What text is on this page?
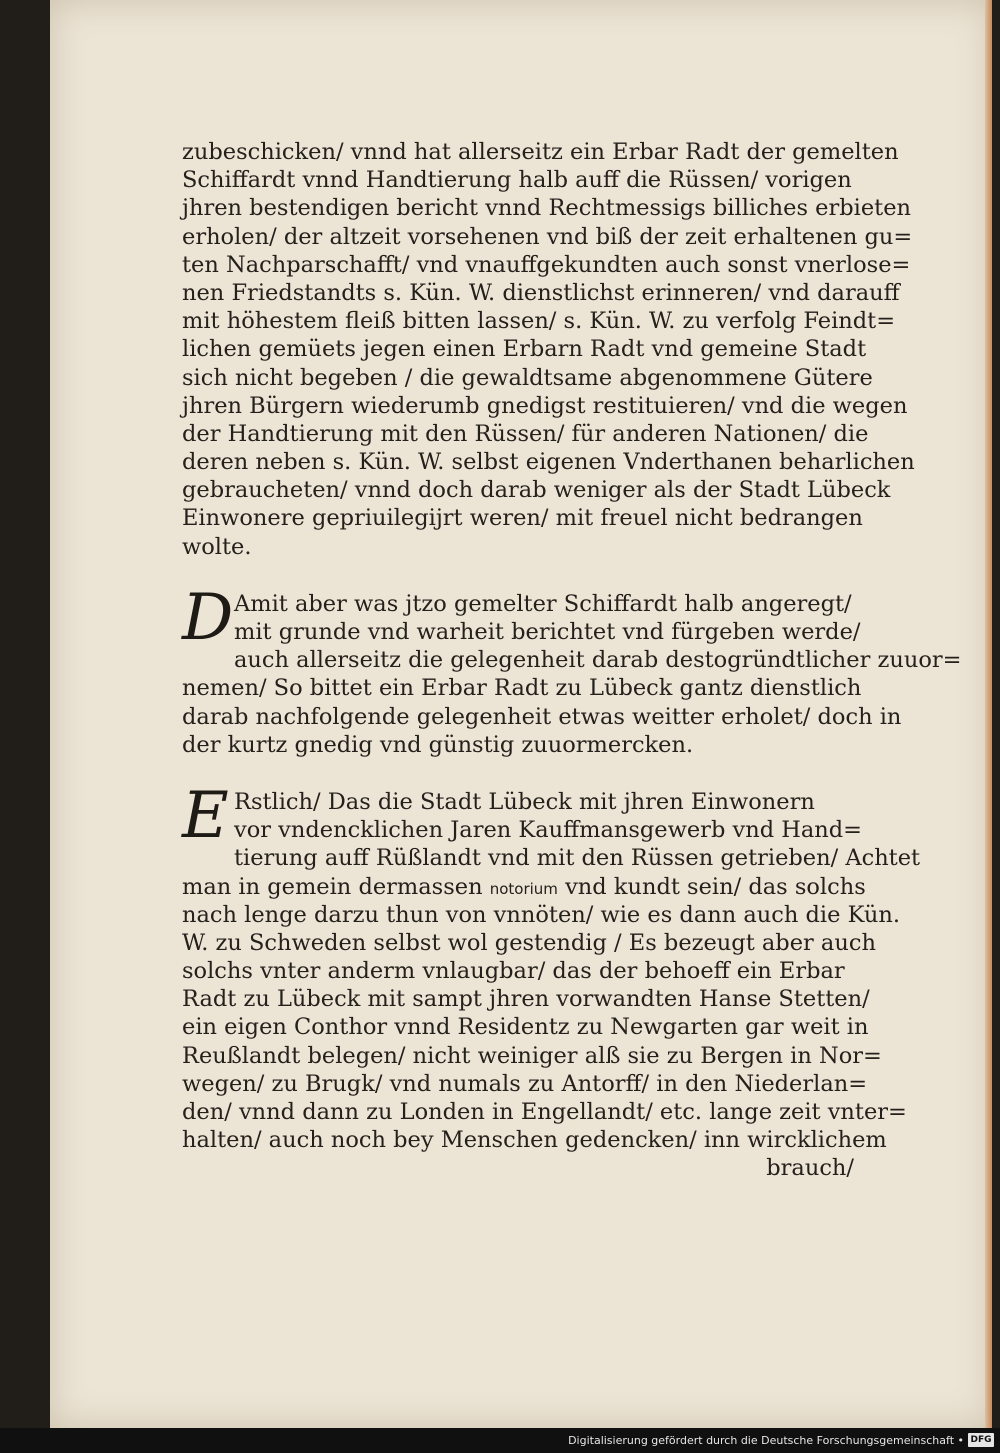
zubeschicken/ vnnd hat allerseitz ein Erbar Radt der gemelten
Schiffardt vnnd Handtierung halb auff die Rüssen/ vorigen
jhren bestendigen bericht vnnd Rechtmessigs billiches erbieten
erholen/ der altzeit vorsehenen vnd biß der zeit erhaltenen gu=
ten Nachparschafft/ vnd vnauffgekundten auch sonst vnerlose=
nen Friedstandts s. Kün. W. dienstlichst erinneren/ vnd darauff
mit höhestem fleiß bitten lassen/ s. Kün. W. zu verfolg Feindt=
lichen gemüets jegen einen Erbarn Radt vnd gemeine Stadt
sich nicht begeben / die gewaldtsame abgenommene Gütere
jhren Bürgern wiederumb gnedigst restituieren/ vnd die wegen
der Handtierung mit den Rüssen/ für anderen Nationen/ die
deren neben s. Kün. W. selbst eigenen Vnderthanen beharlichen
gebraucheten/ vnnd doch darab weniger als der Stadt Lübeck
Einwonere gepriuilegijrt weren/ mit freuel nicht bedrangen
wolte.
D Amit aber was jtzo gemelter Schiffardt halb angeregt/
mit grunde vnd warheit berichtet vnd fürgeben werde/
auch allerseitz die gelegenheit darab destogründtlicher zuuor=
nemen/ So bittet ein Erbar Radt zu Lübeck gantz dienstlich
darab nachfolgende gelegenheit etwas weitter erholet/ doch in
der kurtz gnedig vnd günstig zuuormercken.
E Rstlich/ Das die Stadt Lübeck mit jhren Einwonern
vor vndencklichen Jaren Kauffmansgewerb vnd Hand=
tierung auff Rüßlandt vnd mit den Rüssen getrieben/ Achtet
man in gemein dermassen notorium vnd kundt sein/ das solchs
nach lenge darzu thun von vnnöten/ wie es dann auch die Kün.
W. zu Schweden selbst wol gestendig / Es bezeugt aber auch
solchs vnter anderm vnlaugbar/ das der behoeff ein Erbar
Radt zu Lübeck mit sampt jhren vorwandten Hanse Stetten/
ein eigen Conthor vnnd Residentz zu Newgarten gar weit in
Reußlandt belegen/ nicht weiniger alß sie zu Bergen in Nor=
wegen/ zu Brugk/ vnd numals zu Antorff/ in den Niederlan=
den/ vnnd dann zu Londen in Engellandt/ etc. lange zeit vnter=
halten/ auch noch bey Menschen gedencken/ inn wircklichem
brauch/
Digitalisierung gefördert durch die Deutsche Forschungsgemeinschaft • DFG
